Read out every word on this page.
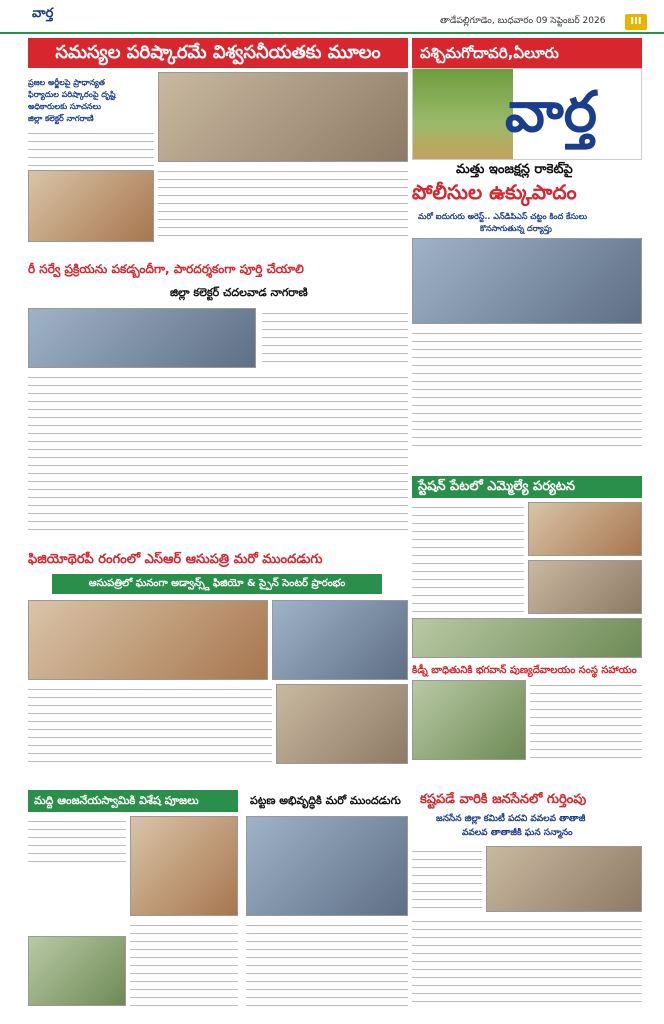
వార్త	తాడేపల్లిగూడెం, బుధవారం 09 సెప్టెంబర్ 2026	III
సమస్యల పరిష్కారమే విశ్వసనీయతకు మూలం	పశ్చిమగోదావరి,ఏలూరు
వార్త
ప్రజల అర్జీలపై ప్రాధాన్యత
ఫిర్యాదుల పరిష్కారంపై దృష్టి
అధికారులకు సూచనలు
జిల్లా కలెక్టర్ నాగరాణి
మత్తు ఇంజక్షన్ల రాకెట్‌పై
పోలీసుల ఉక్కుపాదం
మరో ఐదుగురు అరెస్ట్.. ఎన్‌డిపిఎస్ చట్టం కింద కేసులు
కొనసాగుతున్న దర్యాప్తు
రీ సర్వే ప్రక్రియను పకడ్బందీగా, పారదర్శకంగా పూర్తి చేయాలి
జిల్లా కలెక్టర్ చదలవాడ నాగరాణి
స్టేషన్ పేటలో ఎమ్మెల్యే పర్యటన
ఫిజియోథెరపీ రంగంలో ఎస్ఆర్ ఆసుపత్రి మరో ముందడుగు
ఆసుపత్రిలో ఘనంగా అడ్వాన్స్డ్ ఫిజియో & స్పైన్ సెంటర్ ప్రారంభం
కిడ్నీ బాధితునికి భగవాన్ పుణ్యదేవాలయం సంస్థ సహాయం
మద్ది ఆంజనేయస్వామికి విశేష పూజలు	పట్టణ అభివృద్ధికి మరో ముందడుగు కష్టపడే వారికి జనసేనలో గుర్తింపు
జనసేన జిల్లా కమిటీ పదవి వవలవ తాతాజీ
వవలవ తాతాజీకి ఘన సన్మానం
